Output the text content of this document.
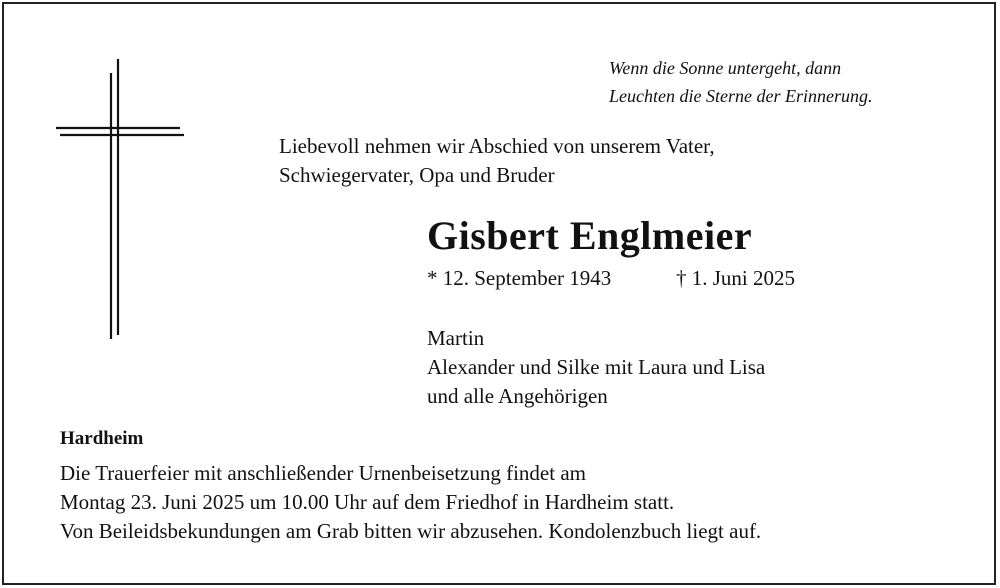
Wenn die Sonne untergeht, dann
Leuchten die Sterne der Erinnerung.
Liebevoll nehmen wir Abschied von unserem Vater,
Schwiegervater, Opa und Bruder
Gisbert Englmeier
* 12. September 1943	† 1. Juni 2025
Martin
Alexander und Silke mit Laura und Lisa
und alle Angehörigen
Hardheim
Die Trauerfeier mit anschließender Urnenbeisetzung findet am
Montag 23. Juni 2025 um 10.00 Uhr auf dem Friedhof in Hardheim statt.
Von Beileidsbekundungen am Grab bitten wir abzusehen. Kondolenzbuch liegt auf.
